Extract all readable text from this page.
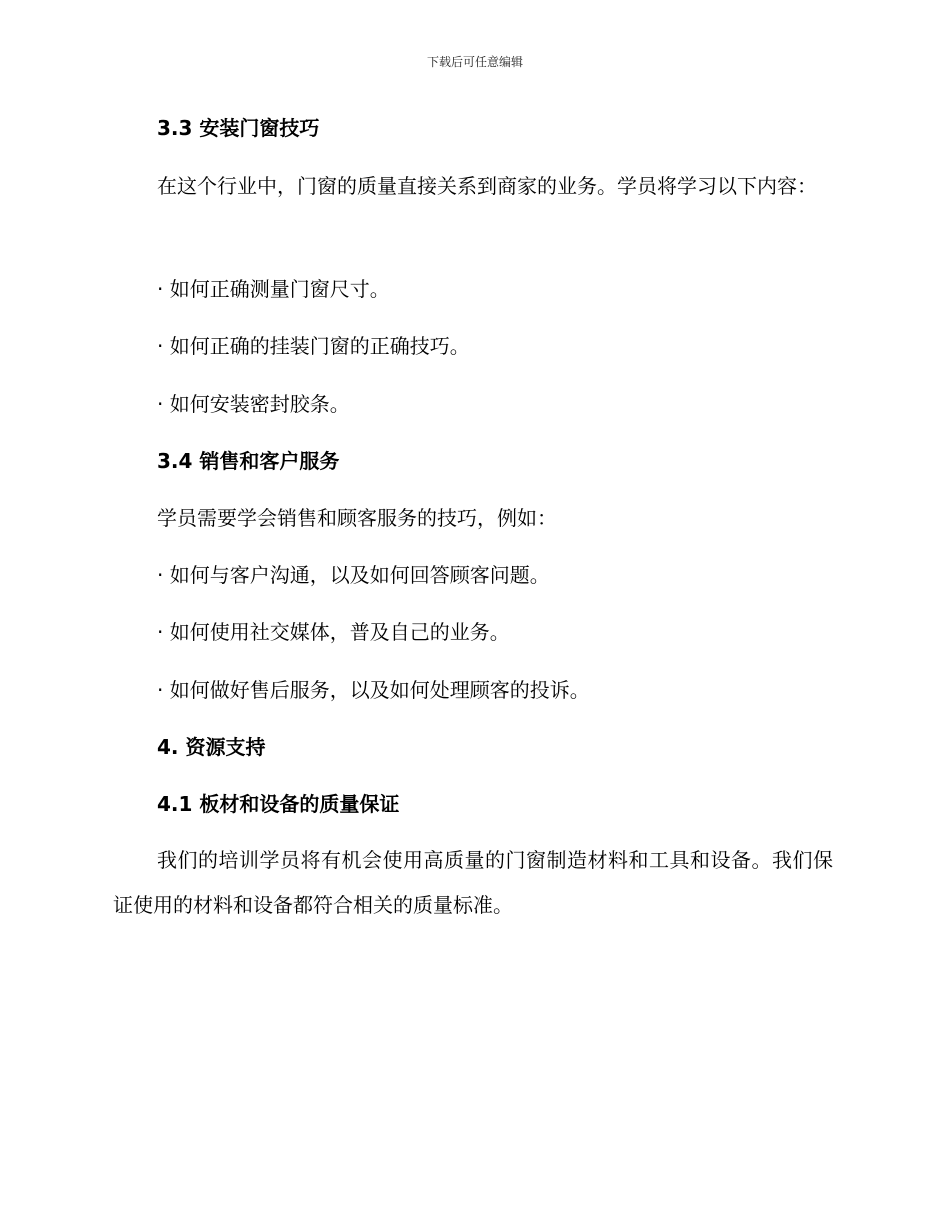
下载后可任意编辑
3.3 安装门窗技巧
在这个行业中，门窗的质量直接关系到商家的业务。学员将学习以下内容：
· 如何正确测量门窗尺寸。
· 如何正确的挂装门窗的正确技巧。
· 如何安装密封胶条。
3.4 销售和客户服务
学员需要学会销售和顾客服务的技巧，例如：
· 如何与客户沟通，以及如何回答顾客问题。
· 如何使用社交媒体，普及自己的业务。
· 如何做好售后服务，以及如何处理顾客的投诉。
4. 资源支持
4.1 板材和设备的质量保证
我们的培训学员将有机会使用高质量的门窗制造材料和工具和设备。我们保证使用的材料和设备都符合相关的质量标准。
